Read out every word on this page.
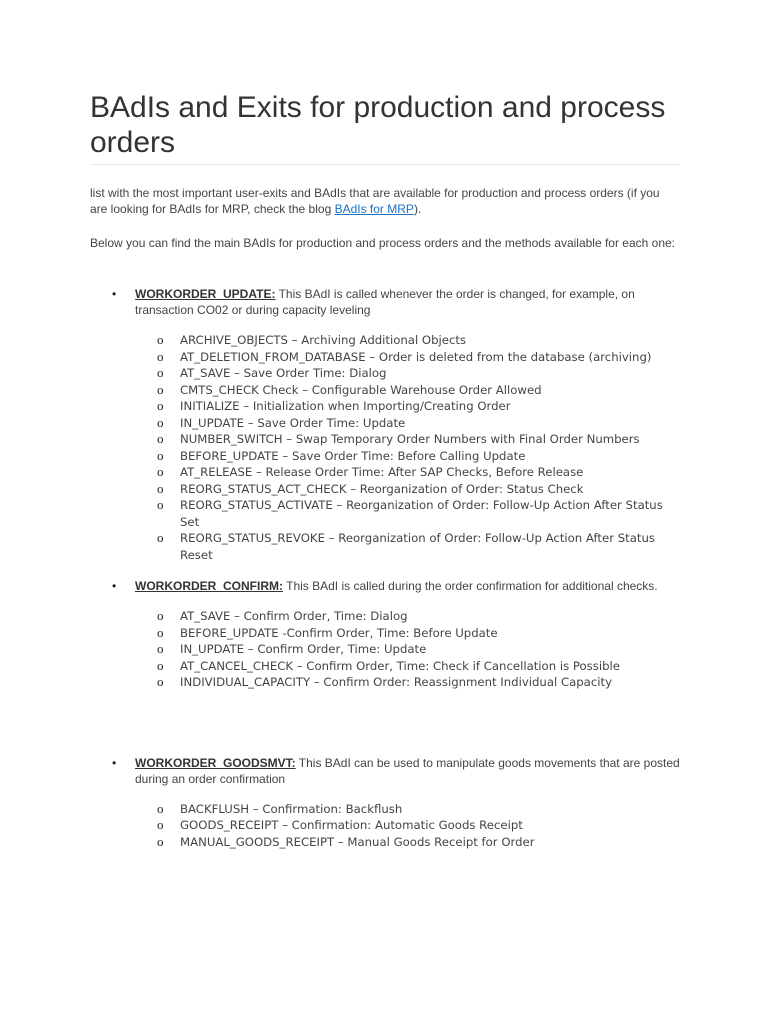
BAdIs and Exits for production and process orders

list with the most important user-exits and BAdIs that are available for production and process orders (if you are looking for BAdIs for MRP, check the blog BAdIs for MRP).

Below you can find the main BAdIs for production and process orders and the methods available for each one:

• WORKORDER_UPDATE: This BAdI is called whenever the order is changed, for example, on transaction CO02 or during capacity leveling
o ARCHIVE_OBJECTS – Archiving Additional Objects
o AT_DELETION_FROM_DATABASE – Order is deleted from the database (archiving)
o AT_SAVE – Save Order Time: Dialog
o CMTS_CHECK Check – Configurable Warehouse Order Allowed
o INITIALIZE – Initialization when Importing/Creating Order
o IN_UPDATE – Save Order Time: Update
o NUMBER_SWITCH – Swap Temporary Order Numbers with Final Order Numbers
o BEFORE_UPDATE – Save Order Time: Before Calling Update
o AT_RELEASE – Release Order Time: After SAP Checks, Before Release
o REORG_STATUS_ACT_CHECK – Reorganization of Order: Status Check
o REORG_STATUS_ACTIVATE – Reorganization of Order: Follow-Up Action After Status Set
o REORG_STATUS_REVOKE – Reorganization of Order: Follow-Up Action After Status Reset
• WORKORDER_CONFIRM: This BAdI is called during the order confirmation for additional checks.
o AT_SAVE – Confirm Order, Time: Dialog
o BEFORE_UPDATE -Confirm Order, Time: Before Update
o IN_UPDATE – Confirm Order, Time: Update
o AT_CANCEL_CHECK – Confirm Order, Time: Check if Cancellation is Possible
o INDIVIDUAL_CAPACITY – Confirm Order: Reassignment Individual Capacity
• WORKORDER_GOODSMVT: This BAdI can be used to manipulate goods movements that are posted during an order confirmation
o BACKFLUSH – Confirmation: Backflush
o GOODS_RECEIPT – Confirmation: Automatic Goods Receipt
o MANUAL_GOODS_RECEIPT – Manual Goods Receipt for Order
